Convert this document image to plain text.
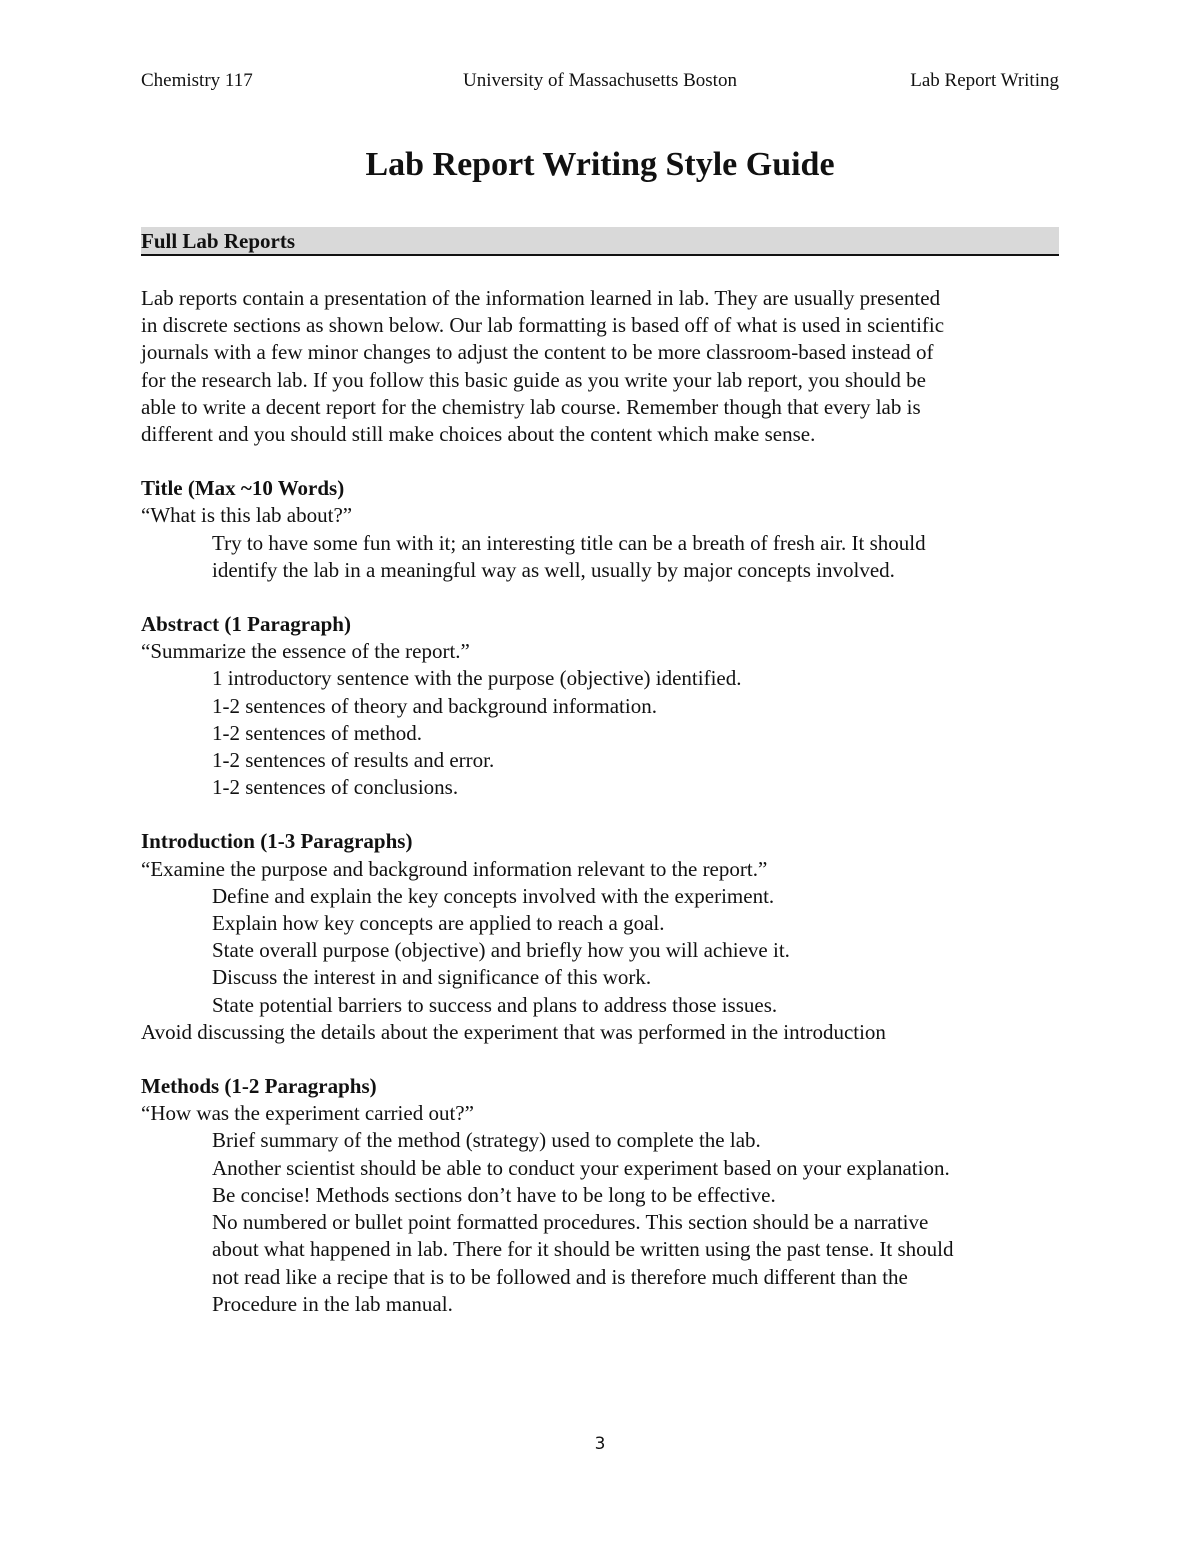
Chemistry 117	University of Massachusetts Boston	Lab Report Writing
Lab Report Writing Style Guide
Full Lab Reports

Lab reports contain a presentation of the information learned in lab. They are usually presented

in discrete sections as shown below. Our lab formatting is based off of what is used in scientific

journals with a few minor changes to adjust the content to be more classroom-based instead of

for the research lab. If you follow this basic guide as you write your lab report, you should be

able to write a decent report for the chemistry lab course. Remember though that every lab is

different and you should still make choices about the content which make sense.

Title (Max ~10 Words)

“What is this lab about?”

Try to have some fun with it; an interesting title can be a breath of fresh air. It should

identify the lab in a meaningful way as well, usually by major concepts involved.

Abstract (1 Paragraph)

“Summarize the essence of the report.”

1 introductory sentence with the purpose (objective) identified.

1-2 sentences of theory and background information.

1-2 sentences of method.

1-2 sentences of results and error.

1-2 sentences of conclusions.

Introduction (1-3 Paragraphs)

“Examine the purpose and background information relevant to the report.”

Define and explain the key concepts involved with the experiment.

Explain how key concepts are applied to reach a goal.

State overall purpose (objective) and briefly how you will achieve it.

Discuss the interest in and significance of this work.

State potential barriers to success and plans to address those issues.

Avoid discussing the details about the experiment that was performed in the introduction

Methods (1-2 Paragraphs)

“How was the experiment carried out?”

Brief summary of the method (strategy) used to complete the lab.

Another scientist should be able to conduct your experiment based on your explanation.

Be concise! Methods sections don’t have to be long to be effective.

No numbered or bullet point formatted procedures. This section should be a narrative

about what happened in lab. There for it should be written using the past tense. It should

not read like a recipe that is to be followed and is therefore much different than the

Procedure in the lab manual.

3
